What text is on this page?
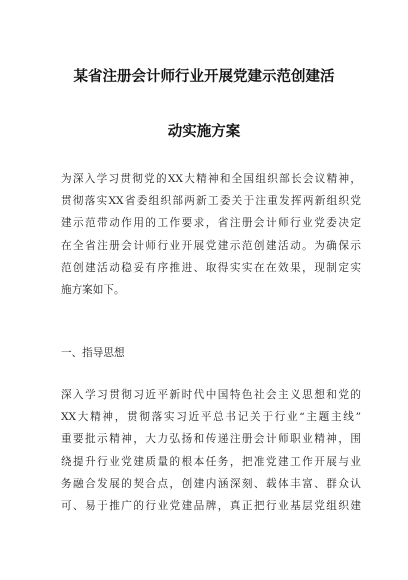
某省注册会计师行业开展党建示范创建活
动实施方案
为深入学习贯彻党的XX大精神和全国组织部长会议精神，
贯彻落实XX省委组织部两新工委关于注重发挥两新组织党
建示范带动作用的工作要求，省注册会计师行业党委决定
在全省注册会计师行业开展党建示范创建活动。为确保示
范创建活动稳妥有序推进、取得实实在在效果，现制定实
施方案如下。
一、指导思想
深入学习贯彻习近平新时代中国特色社会主义思想和党的
XX大精神，贯彻落实习近平总书记关于行业“主题主线”
重要批示精神，大力弘扬和传递注册会计师职业精神，围
绕提升行业党建质量的根本任务，把准党建工作开展与业
务融合发展的契合点，创建内涵深刻、载体丰富、群众认
可、易于推广的行业党建品牌，真正把行业基层党组织建
